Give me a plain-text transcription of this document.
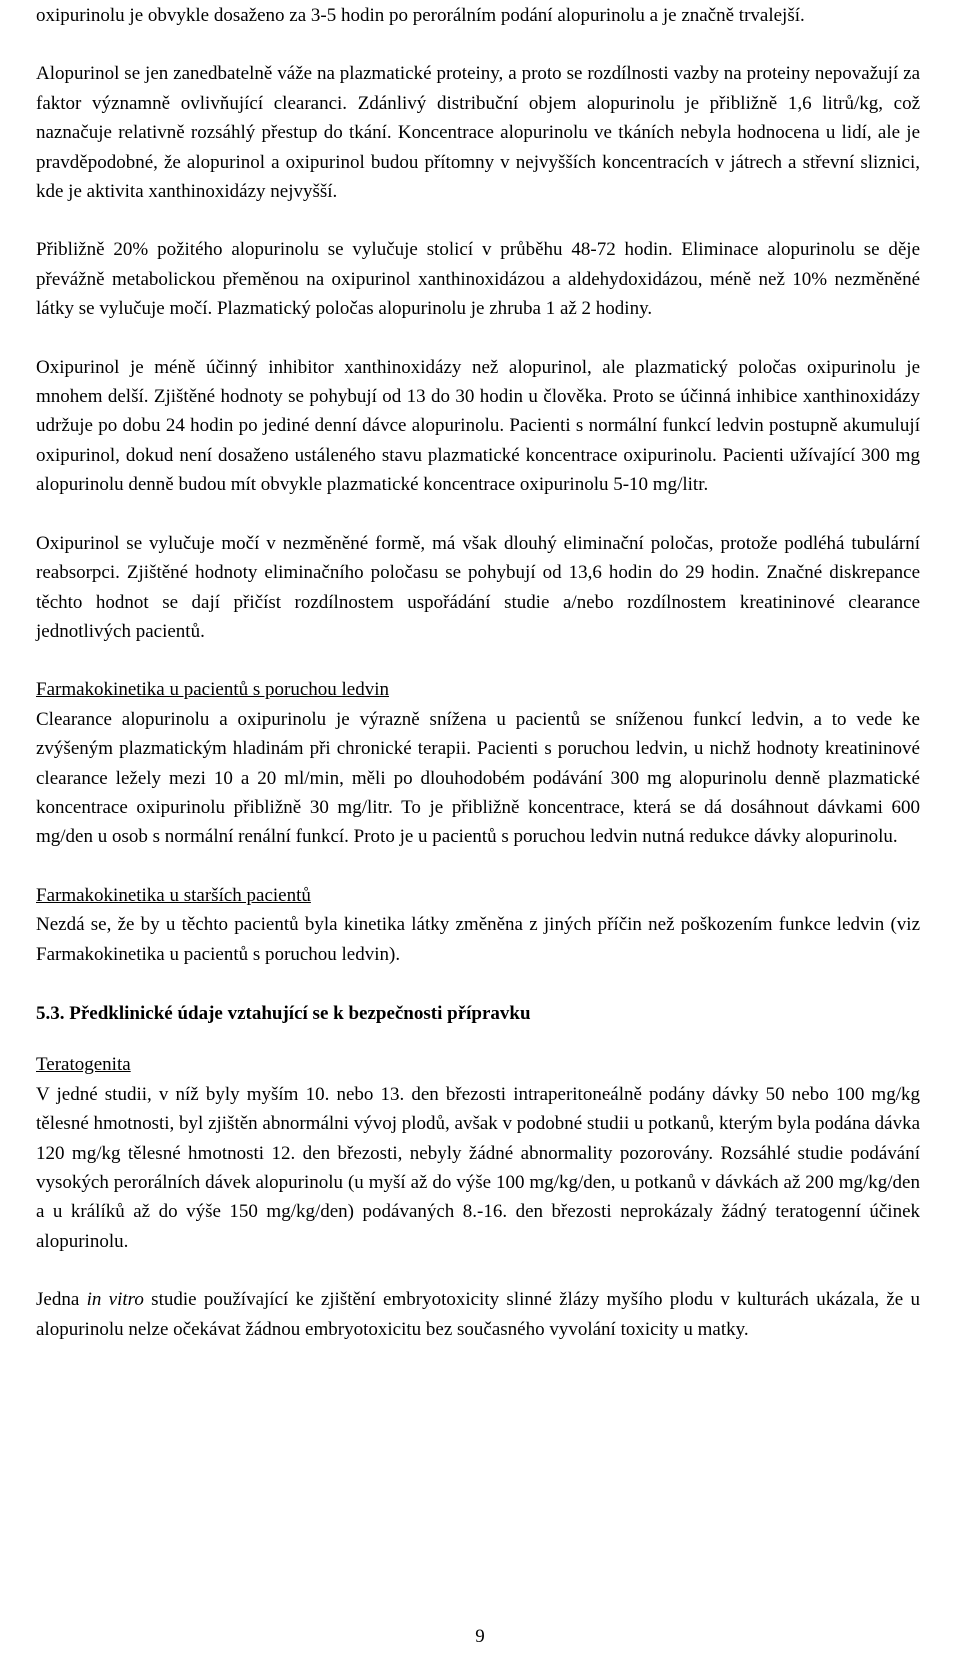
oxipurinolu je obvykle dosaženo za 3-5 hodin po perorálním podání alopurinolu a je značně trvalejší.

Alopurinol se jen zanedbatelně váže na plazmatické proteiny, a proto se rozdílnosti vazby na proteiny nepovažují za faktor významně ovlivňující clearanci. Zdánlivý distribuční objem alopurinolu je přibližně 1,6 litrů/kg, což naznačuje relativně rozsáhlý přestup do tkání. Koncentrace alopurinolu ve tkáních nebyla hodnocena u lidí, ale je pravděpodobné, že alopurinol a oxipurinol budou přítomny v nejvyšších koncentracích v játrech a střevní sliznici, kde je aktivita xanthinoxidázy nejvyšší.

Přibližně 20% požitého alopurinolu se vylučuje stolicí v průběhu 48-72 hodin. Eliminace alopurinolu se děje převážně metabolickou přeměnou na oxipurinol xanthinoxidázou a aldehydoxidázou, méně než 10% nezměněné látky se vylučuje močí. Plazmatický poločas alopurinolu je zhruba 1 až 2 hodiny.

Oxipurinol je méně účinný inhibitor xanthinoxidázy než alopurinol, ale plazmatický poločas oxipurinolu je mnohem delší. Zjištěné hodnoty se pohybují od 13 do 30 hodin u člověka. Proto se účinná inhibice xanthinoxidázy udržuje po dobu 24 hodin po jediné denní dávce alopurinolu. Pacienti s normální funkcí ledvin postupně akumulují oxipurinol, dokud není dosaženo ustáleného stavu plazmatické koncentrace oxipurinolu. Pacienti užívající 300 mg alopurinolu denně budou mít obvykle plazmatické koncentrace oxipurinolu 5-10 mg/litr.

Oxipurinol se vylučuje močí v nezměněné formě, má však dlouhý eliminační poločas, protože podléhá tubulární reabsorpci. Zjištěné hodnoty eliminačního poločasu se pohybují od 13,6 hodin do 29 hodin. Značné diskrepance těchto hodnot se dají přičíst rozdílnostem uspořádání studie a/nebo rozdílnostem kreatininové clearance jednotlivých pacientů.

Farmakokinetika u pacientů s poruchou ledvin

Clearance alopurinolu a oxipurinolu je výrazně snížena u pacientů se sníženou funkcí ledvin, a to vede ke zvýšeným plazmatickým hladinám při chronické terapii. Pacienti s poruchou ledvin, u nichž hodnoty kreatininové clearance ležely mezi 10 a 20 ml/min, měli po dlouhodobém podávání 300 mg alopurinolu denně plazmatické koncentrace oxipurinolu přibližně 30 mg/litr. To je přibližně koncentrace, která se dá dosáhnout dávkami 600 mg/den u osob s normální renální funkcí. Proto je u pacientů s poruchou ledvin nutná redukce dávky alopurinolu.

Farmakokinetika u starších pacientů

Nezdá se, že by u těchto pacientů byla kinetika látky změněna z jiných příčin než poškozením funkce ledvin (viz Farmakokinetika u pacientů s poruchou ledvin).

5.3. Předklinické údaje vztahující se k bezpečnosti přípravku

Teratogenita

V jedné studii, v níž byly myším 10. nebo 13. den březosti intraperitoneálně podány dávky 50 nebo 100 mg/kg tělesné hmotnosti, byl zjištěn abnormálni vývoj plodů, avšak v podobné studii u potkanů, kterým byla podána dávka 120 mg/kg tělesné hmotnosti 12. den březosti, nebyly žádné abnormality pozorovány. Rozsáhlé studie podávání vysokých perorálních dávek alopurinolu (u myší až do výše 100 mg/kg/den, u potkanů v dávkách až 200 mg/kg/den a u králíků až do výše 150 mg/kg/den) podávaných 8.-16. den březosti neprokázaly žádný teratogenní účinek alopurinolu.

Jedna in vitro studie používající ke zjištění embryotoxicity slinné žlázy myšího plodu v kulturách ukázala, že u alopurinolu nelze očekávat žádnou embryotoxicitu bez současného vyvolání toxicity u matky.

9
